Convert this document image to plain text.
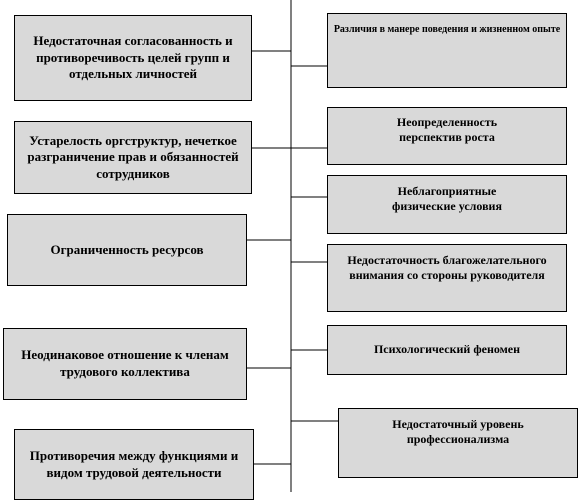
Недостаточная согласованность и противоречивость целей групп и отдельных личностей
Устарелость оргструктур, нечеткое разграничение прав и обязанностей сотрудников
Ограниченность ресурсов
Неодинаковое отношение к членам трудового коллектива
Противоречия между функциями и видом трудовой деятельности
Различия в манере поведения и жизненном опыте
Неопределенность перспектив роста
Неблагоприятные физические условия
Недостаточность благожелательного внимания со стороны руководителя
Психологический феномен
Недостаточный уровень профессионализма
